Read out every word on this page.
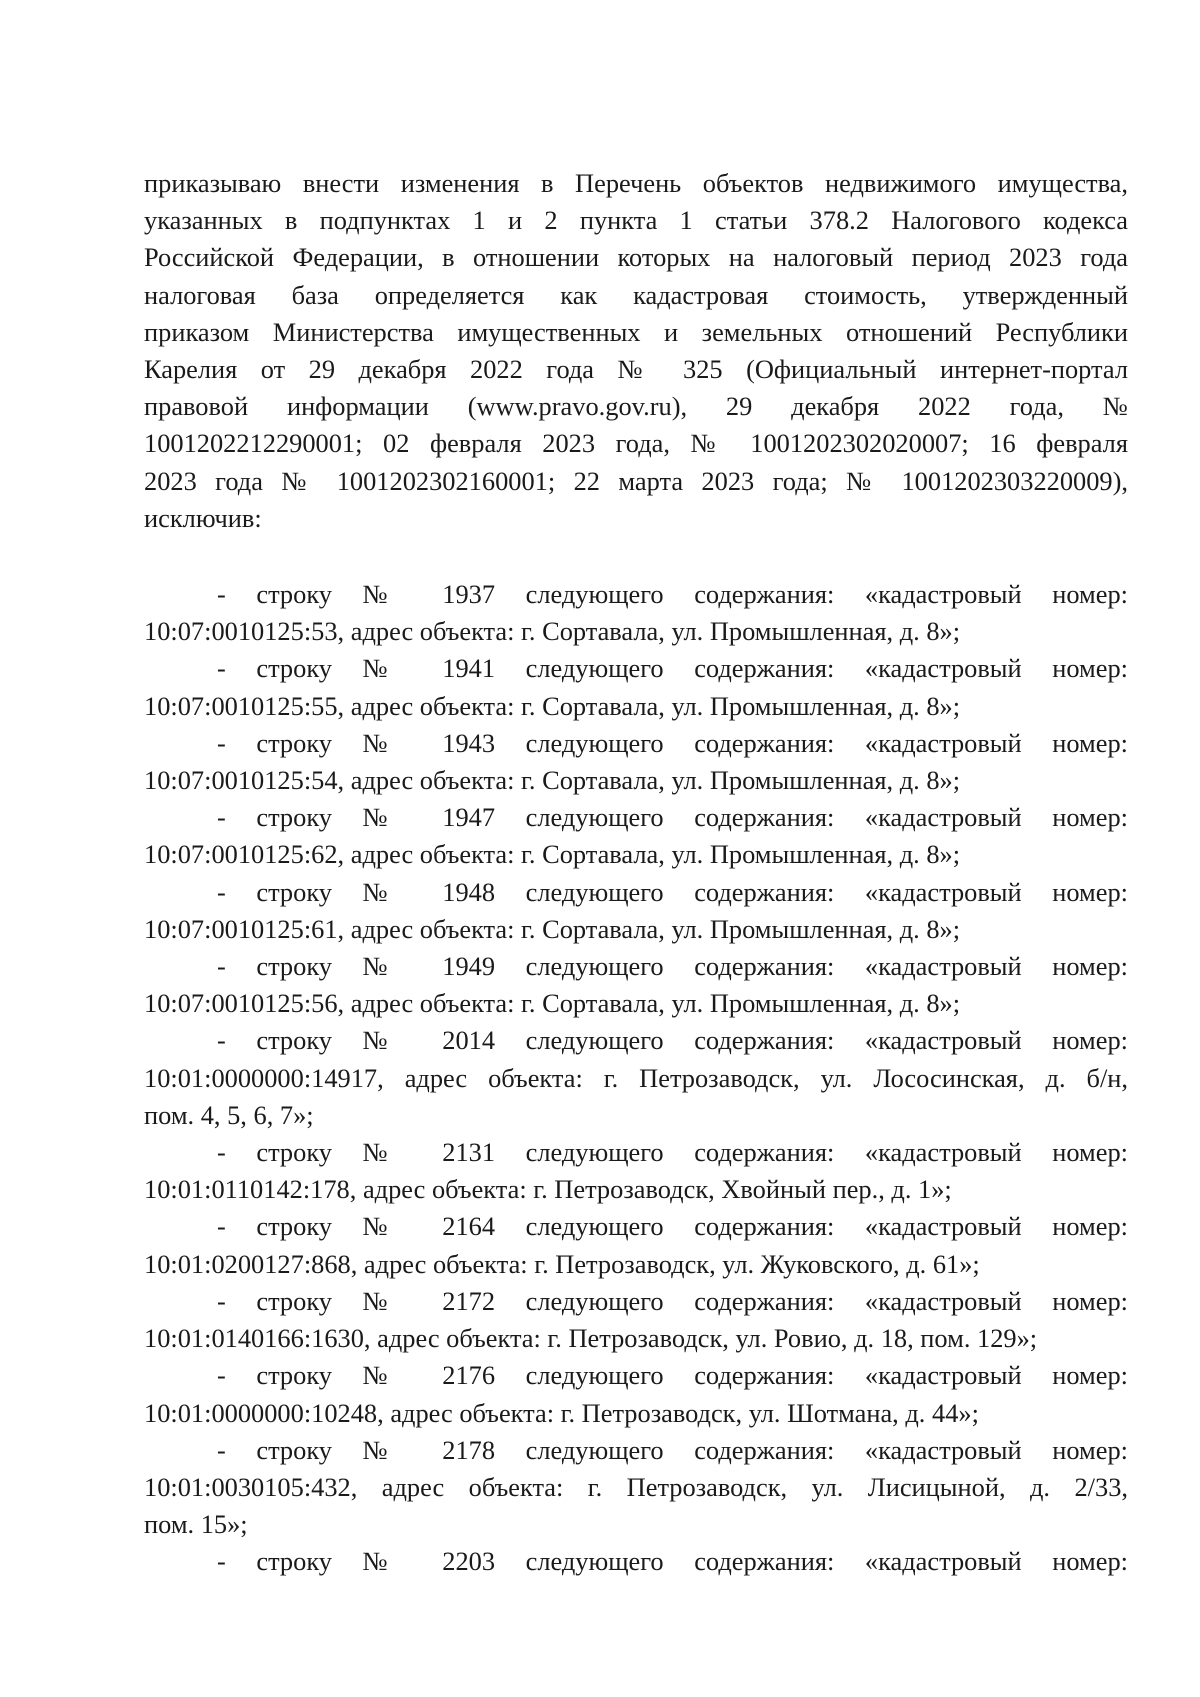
приказываю внести изменения в Перечень объектов недвижимого имущества,
указанных в подпунктах 1 и 2 пункта 1 статьи 378.2 Налогового кодекса
Российской Федерации, в отношении которых на налоговый период 2023 года
налоговая база определяется как кадастровая стоимость, утвержденный
приказом Министерства имущественных и земельных отношений Республики
Карелия от 29 декабря 2022 года № 325 (Официальный интернет-портал
правовой информации (www.pravo.gov.ru), 29 декабря 2022 года, №
1001202212290001; 02 февраля 2023 года, № 1001202302020007; 16 февраля
2023 года № 1001202302160001; 22 марта 2023 года; № 1001202303220009),
исключив:

- строку № 1937 следующего содержания: «кадастровый номер:
10:07:0010125:53, адрес объекта: г. Сортавала, ул. Промышленная, д. 8»;
- строку № 1941 следующего содержания: «кадастровый номер:
10:07:0010125:55, адрес объекта: г. Сортавала, ул. Промышленная, д. 8»;
- строку № 1943 следующего содержания: «кадастровый номер:
10:07:0010125:54, адрес объекта: г. Сортавала, ул. Промышленная, д. 8»;
- строку № 1947 следующего содержания: «кадастровый номер:
10:07:0010125:62, адрес объекта: г. Сортавала, ул. Промышленная, д. 8»;
- строку № 1948 следующего содержания: «кадастровый номер:
10:07:0010125:61, адрес объекта: г. Сортавала, ул. Промышленная, д. 8»;
- строку № 1949 следующего содержания: «кадастровый номер:
10:07:0010125:56, адрес объекта: г. Сортавала, ул. Промышленная, д. 8»;
- строку № 2014 следующего содержания: «кадастровый номер:
10:01:0000000:14917, адрес объекта: г. Петрозаводск, ул. Лососинская, д. б/н,
пом. 4, 5, 6, 7»;
- строку № 2131 следующего содержания: «кадастровый номер:
10:01:0110142:178, адрес объекта: г. Петрозаводск, Хвойный пер., д. 1»;
- строку № 2164 следующего содержания: «кадастровый номер:
10:01:0200127:868, адрес объекта: г. Петрозаводск, ул. Жуковского, д. 61»;
- строку № 2172 следующего содержания: «кадастровый номер:
10:01:0140166:1630, адрес объекта: г. Петрозаводск, ул. Ровио, д. 18, пом. 129»;
- строку № 2176 следующего содержания: «кадастровый номер:
10:01:0000000:10248, адрес объекта: г. Петрозаводск, ул. Шотмана, д. 44»;
- строку № 2178 следующего содержания: «кадастровый номер:
10:01:0030105:432, адрес объекта: г. Петрозаводск, ул. Лисицыной, д. 2/33,
пом. 15»;
- строку № 2203 следующего содержания: «кадастровый номер:
